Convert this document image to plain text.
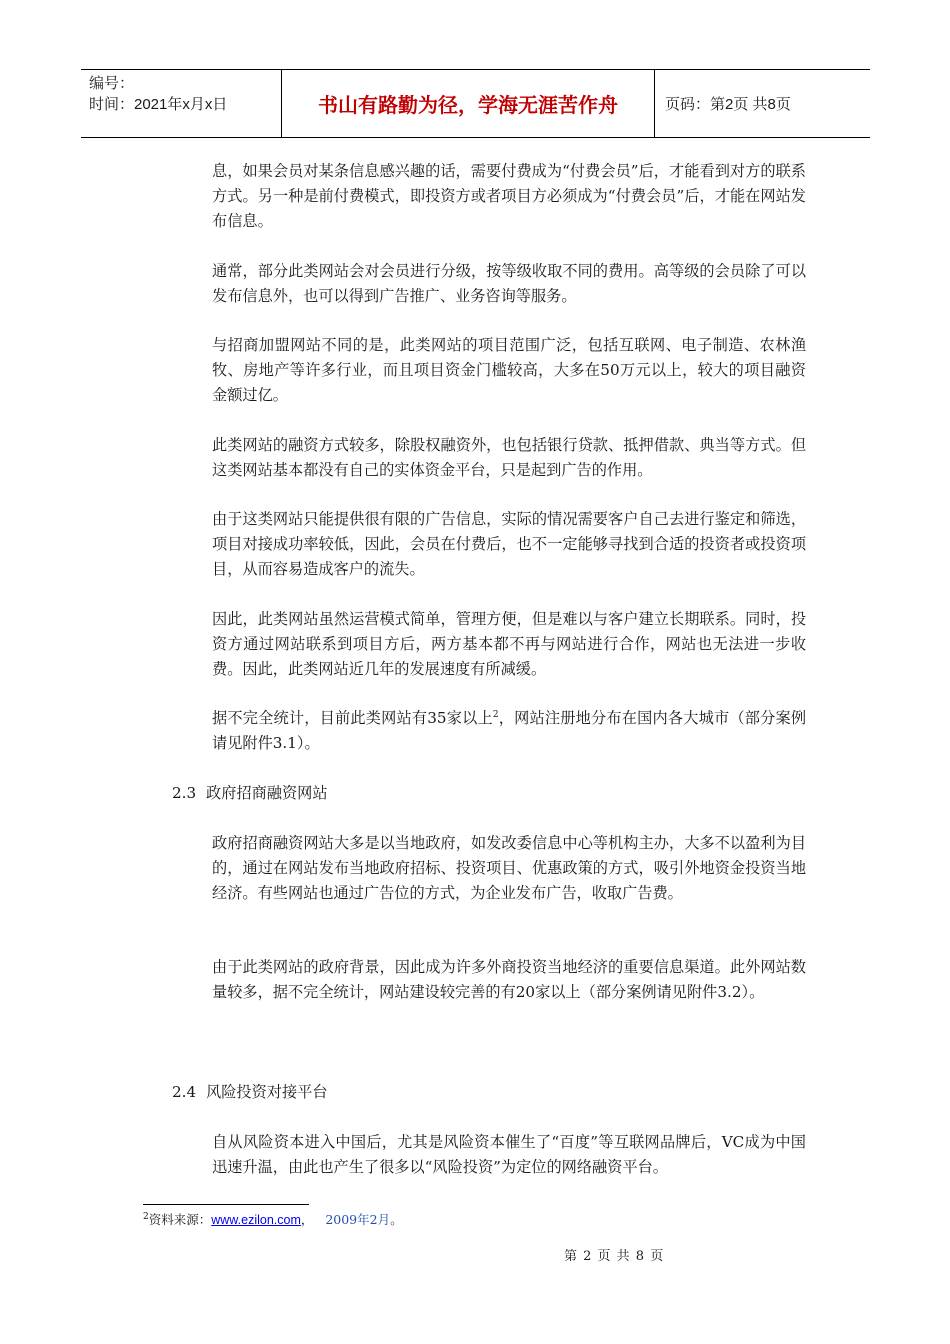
编号：
时间：2021年x月x日	书山有路勤为径，学海无涯苦作舟	页码：第2页 共8页
息，如果会员对某条信息感兴趣的话，需要付费成为“付费会员”后，才能看到对方的联系方式。另一种是前付费模式，即投资方或者项目方必须成为“付费会员”后，才能在网站发布信息。
通常，部分此类网站会对会员进行分级，按等级收取不同的费用。高等级的会员除了可以发布信息外，也可以得到广告推广、业务咨询等服务。
与招商加盟网站不同的是，此类网站的项目范围广泛，包括互联网、电子制造、农林渔牧、房地产等许多行业，而且项目资金门槛较高，大多在50万元以上，较大的项目融资金额过亿。
此类网站的融资方式较多，除股权融资外，也包括银行贷款、抵押借款、典当等方式。但这类网站基本都没有自己的实体资金平台，只是起到广告的作用。
由于这类网站只能提供很有限的广告信息，实际的情况需要客户自己去进行鉴定和筛选，项目对接成功率较低，因此，会员在付费后，也不一定能够寻找到合适的投资者或投资项目，从而容易造成客户的流失。
因此，此类网站虽然运营模式简单，管理方便，但是难以与客户建立长期联系。同时，投资方通过网站联系到项目方后，两方基本都不再与网站进行合作，网站也无法进一步收费。因此，此类网站近几年的发展速度有所减缓。
据不完全统计，目前此类网站有35家以上$^2$，网站注册地分布在国内各大城市（部分案例请见附件3.1）。
2.3 政府招商融资网站
政府招商融资网站大多是以当地政府，如发改委信息中心等机构主办，大多不以盈利为目的，通过在网站发布当地政府招标、投资项目、优惠政策的方式，吸引外地资金投资当地经济。有些网站也通过广告位的方式，为企业发布广告，收取广告费。
由于此类网站的政府背景，因此成为许多外商投资当地经济的重要信息渠道。此外网站数量较多，据不完全统计，网站建设较完善的有20家以上（部分案例请见附件3.2）。
2.4 风险投资对接平台
自从风险资本进入中国后，尤其是风险资本催生了“百度”等互联网品牌后，VC成为中国迅速升温，由此也产生了很多以“风险投资”为定位的网络融资平台。
$^2$资料来源：www.ezilon.com， 2009年2月。
第 2 页 共 8 页
